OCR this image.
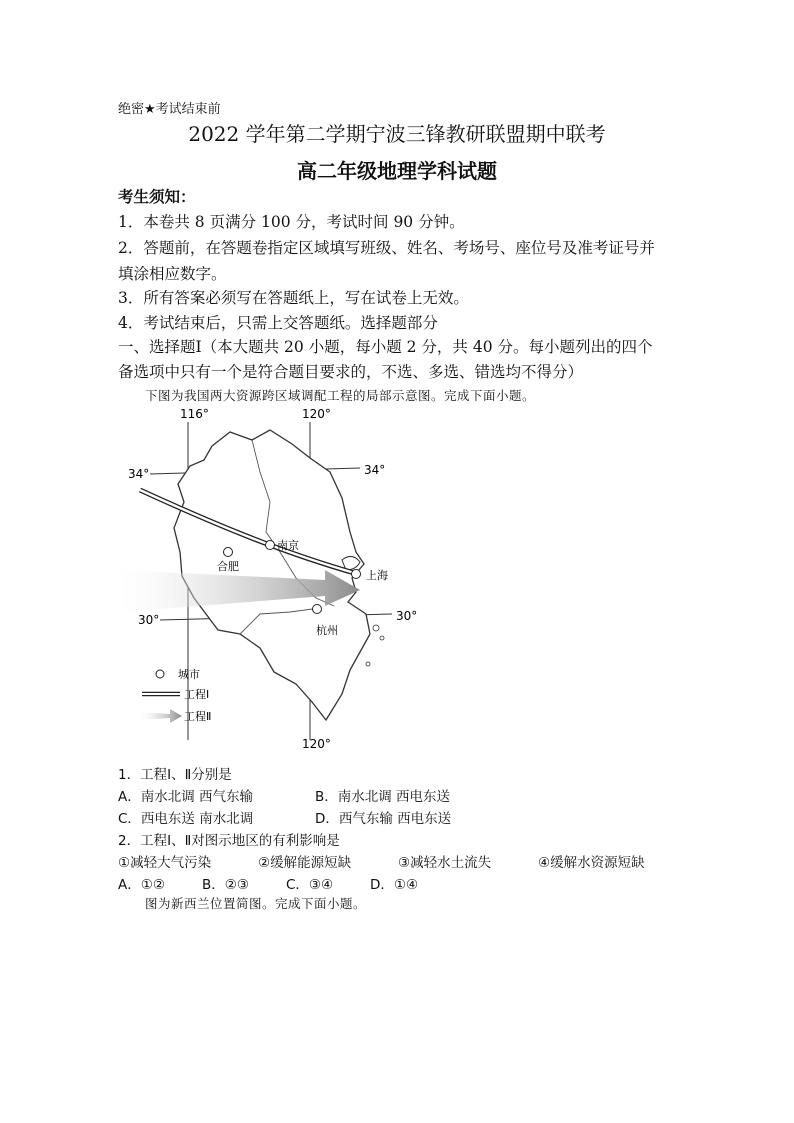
绝密★考试结束前
2022 学年第二学期宁波三锋教研联盟期中联考
高二年级地理学科试题
考生须知：
1．本卷共 8 页满分 100 分，考试时间 90 分钟。
2．答题前，在答题卷指定区域填写班级、姓名、考场号、座位号及准考证号并
填涂相应数字。
3．所有答案必须写在答题纸上，写在试卷上无效。
4．考试结束后，只需上交答题纸。选择题部分
一、选择题Ⅰ（本大题共 20 小题，每小题 2 分，共 40 分。每小题列出的四个
备选项中只有一个是符合题目要求的，不选、多选、错选均不得分）
下图为我国两大资源跨区域调配工程的局部示意图。完成下面小题。
南京
合肥
上海
杭州
116°	120°
120°
34°	34°
30°	30°
城市
工程Ⅰ
工程Ⅱ
1．工程Ⅰ、Ⅱ分别是
A．南水北调 西气东输	B．南水北调 西电东送
C．西电东送 南水北调	D．西气东输 西电东送
2．工程Ⅰ、Ⅱ对图示地区的有利影响是
①减轻大气污染	②缓解能源短缺	③减轻水土流失	④缓解水资源短缺
A．①②	B．②③	C．③④	D．①④
图为新西兰位置简图。完成下面小题。
